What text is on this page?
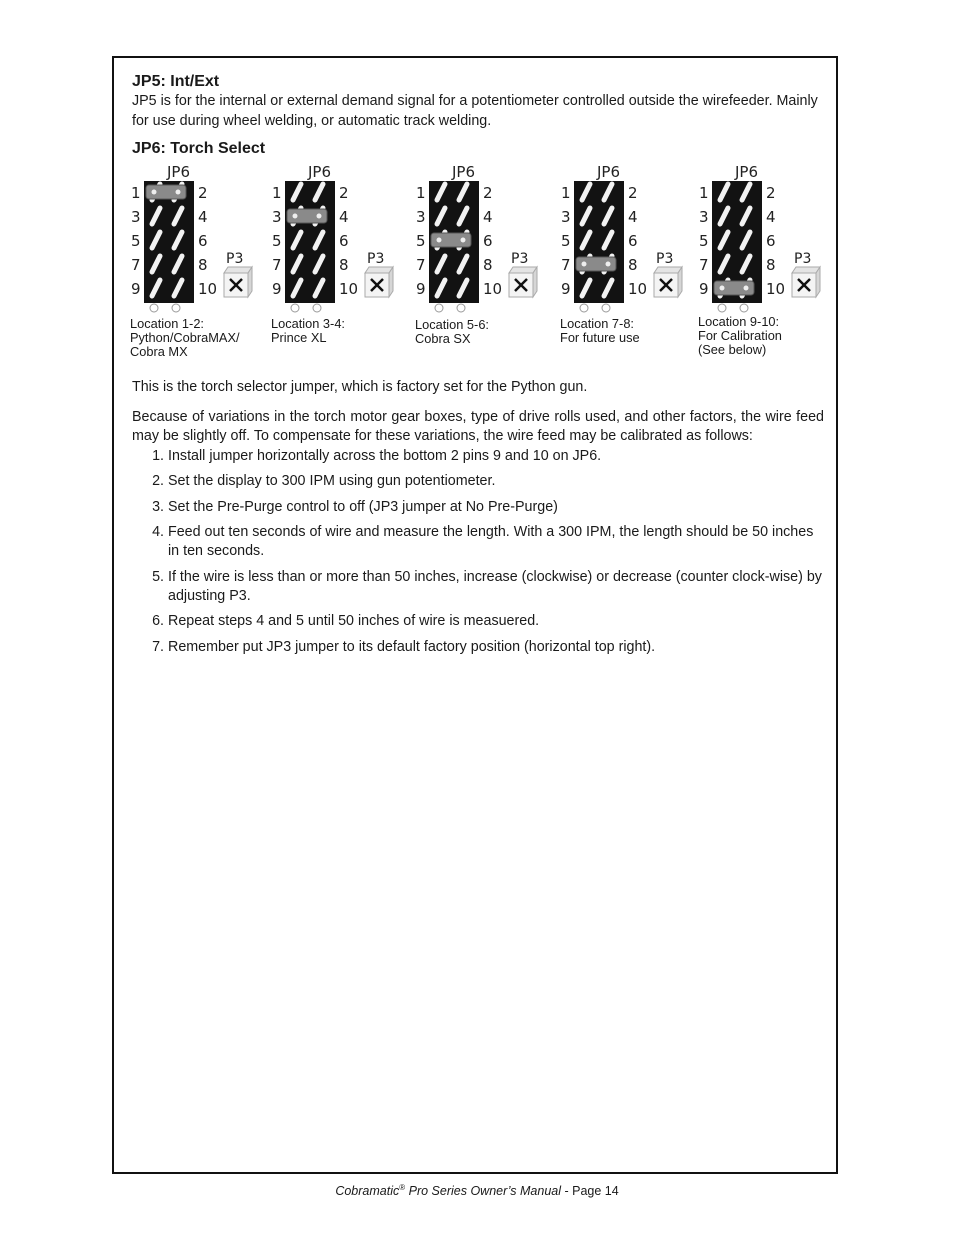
JP5: Int/Ext

JP5 is for the internal or external demand signal for a potentiometer controlled outside the wirefeeder. Mainly for use during wheel welding, or automatic track welding.

JP6: Torch Select
JP6
1	2
3	4
5	6
7	8
9	10
P3
Location 1-2:
Python/CobraMAX/
Cobra MX
JP6
1	2
3	4
5	6
7	8
9	10
P3
Location 3-4:
Prince XL
JP6
1	2
3	4
5	6
7	8
9	10
P3
Location 5-6:
Cobra SX
JP6
1	2
3	4
5	6
7	8
9	10
P3
Location 7-8:
For future use
JP6
1	2
3	4
5	6
7	8
9	10
P3
Location 9-10:
For Calibration
(See below)

This is the torch selector jumper, which is factory set for the Python gun.

Because of variations in the torch motor gear boxes, type of drive rolls used, and other factors, the wire feed may be slightly off. To compensate for these variations, the wire feed may be calibrated as follows:

1. Install jumper horizontally across the bottom 2 pins 9 and 10 on JP6.
2. Set the display to 300 IPM using gun potentiometer.
3. Set the Pre-Purge control to off (JP3 jumper at No Pre-Purge)
4. Feed out ten seconds of wire and measure the length. With a 300 IPM, the length should be 50 inches in ten seconds.
5. If the wire is less than or more than 50 inches, increase (clockwise) or decrease (counter clock-wise) by adjusting P3.
6. Repeat steps 4 and 5 until 50 inches of wire is measuered.
7. Remember put JP3 jumper to its default factory position (horizontal top right).
Cobramatic® Pro Series Owner’s Manual - Page 14
